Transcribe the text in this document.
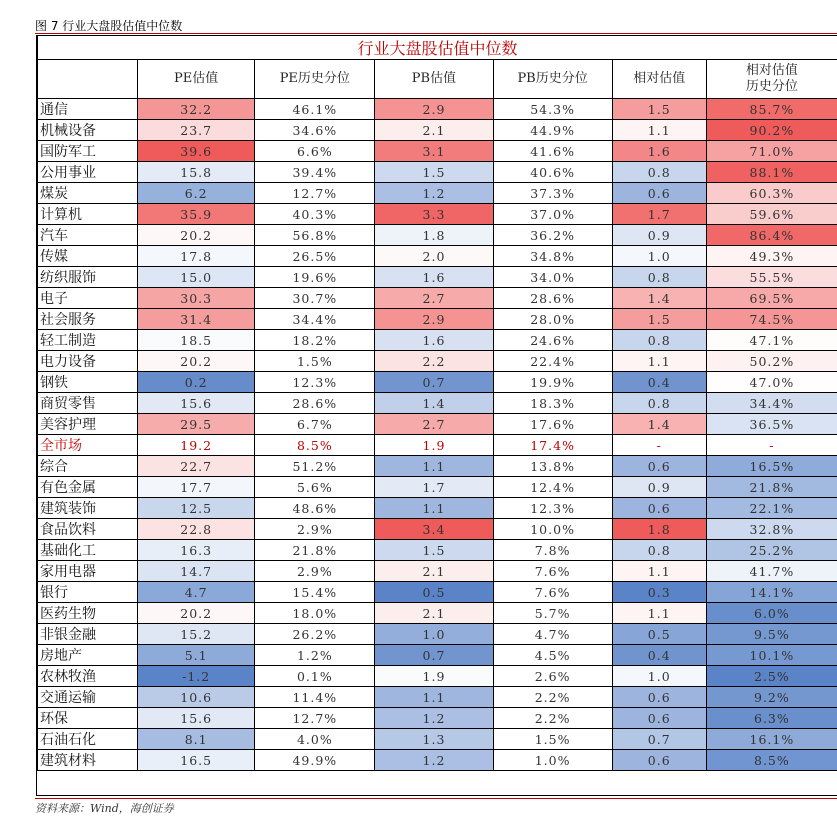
图 7 行业大盘股估值中位数
行业大盘股估值中位数						
	PE估值	PE历史分位	PB估值	PB历史分位	相对估值	相对估值
历史分位

通信	32.2	46.1%	2.9	54.3%	1.5	85.7%
机械设备	23.7	34.6%	2.1	44.9%	1.1	90.2%
国防军工	39.6	6.6%	3.1	41.6%	1.6	71.0%
公用事业	15.8	39.4%	1.5	40.6%	0.8	88.1%
煤炭	6.2	12.7%	1.2	37.3%	0.6	60.3%
计算机	35.9	40.3%	3.3	37.0%	1.7	59.6%
汽车	20.2	56.8%	1.8	36.2%	0.9	86.4%
传媒	17.8	26.5%	2.0	34.8%	1.0	49.3%
纺织服饰	15.0	19.6%	1.6	34.0%	0.8	55.5%
电子	30.3	30.7%	2.7	28.6%	1.4	69.5%
社会服务	31.4	34.4%	2.9	28.0%	1.5	74.5%
轻工制造	18.5	18.2%	1.6	24.6%	0.8	47.1%
电力设备	20.2	1.5%	2.2	22.4%	1.1	50.2%
钢铁	0.2	12.3%	0.7	19.9%	0.4	47.0%
商贸零售	15.6	28.6%	1.4	18.3%	0.8	34.4%
美容护理	29.5	6.7%	2.7	17.6%	1.4	36.5%
全市场	19.2	8.5%	1.9	17.4%	-	-
综合	22.7	51.2%	1.1	13.8%	0.6	16.5%
有色金属	17.7	5.6%	1.7	12.4%	0.9	21.8%
建筑装饰	12.5	48.6%	1.1	12.3%	0.6	22.1%
食品饮料	22.8	2.9%	3.4	10.0%	1.8	32.8%
基础化工	16.3	21.8%	1.5	7.8%	0.8	25.2%
家用电器	14.7	2.9%	2.1	7.6%	1.1	41.7%
银行	4.7	15.4%	0.5	7.6%	0.3	14.1%
医药生物	20.2	18.0%	2.1	5.7%	1.1	6.0%
非银金融	15.2	26.2%	1.0	4.7%	0.5	9.5%
房地产	5.1	1.2%	0.7	4.5%	0.4	10.1%
农林牧渔	-1.2	0.1%	1.9	2.6%	1.0	2.5%
交通运输	10.6	11.4%	1.1	2.2%	0.6	9.2%
环保	15.6	12.7%	1.2	2.2%	0.6	6.3%
石油石化	8.1	4.0%	1.3	1.5%	0.7	16.1%
建筑材料	16.5	49.9%	1.2	1.0%	0.6	8.5%
资料来源：Wind，海创证券
